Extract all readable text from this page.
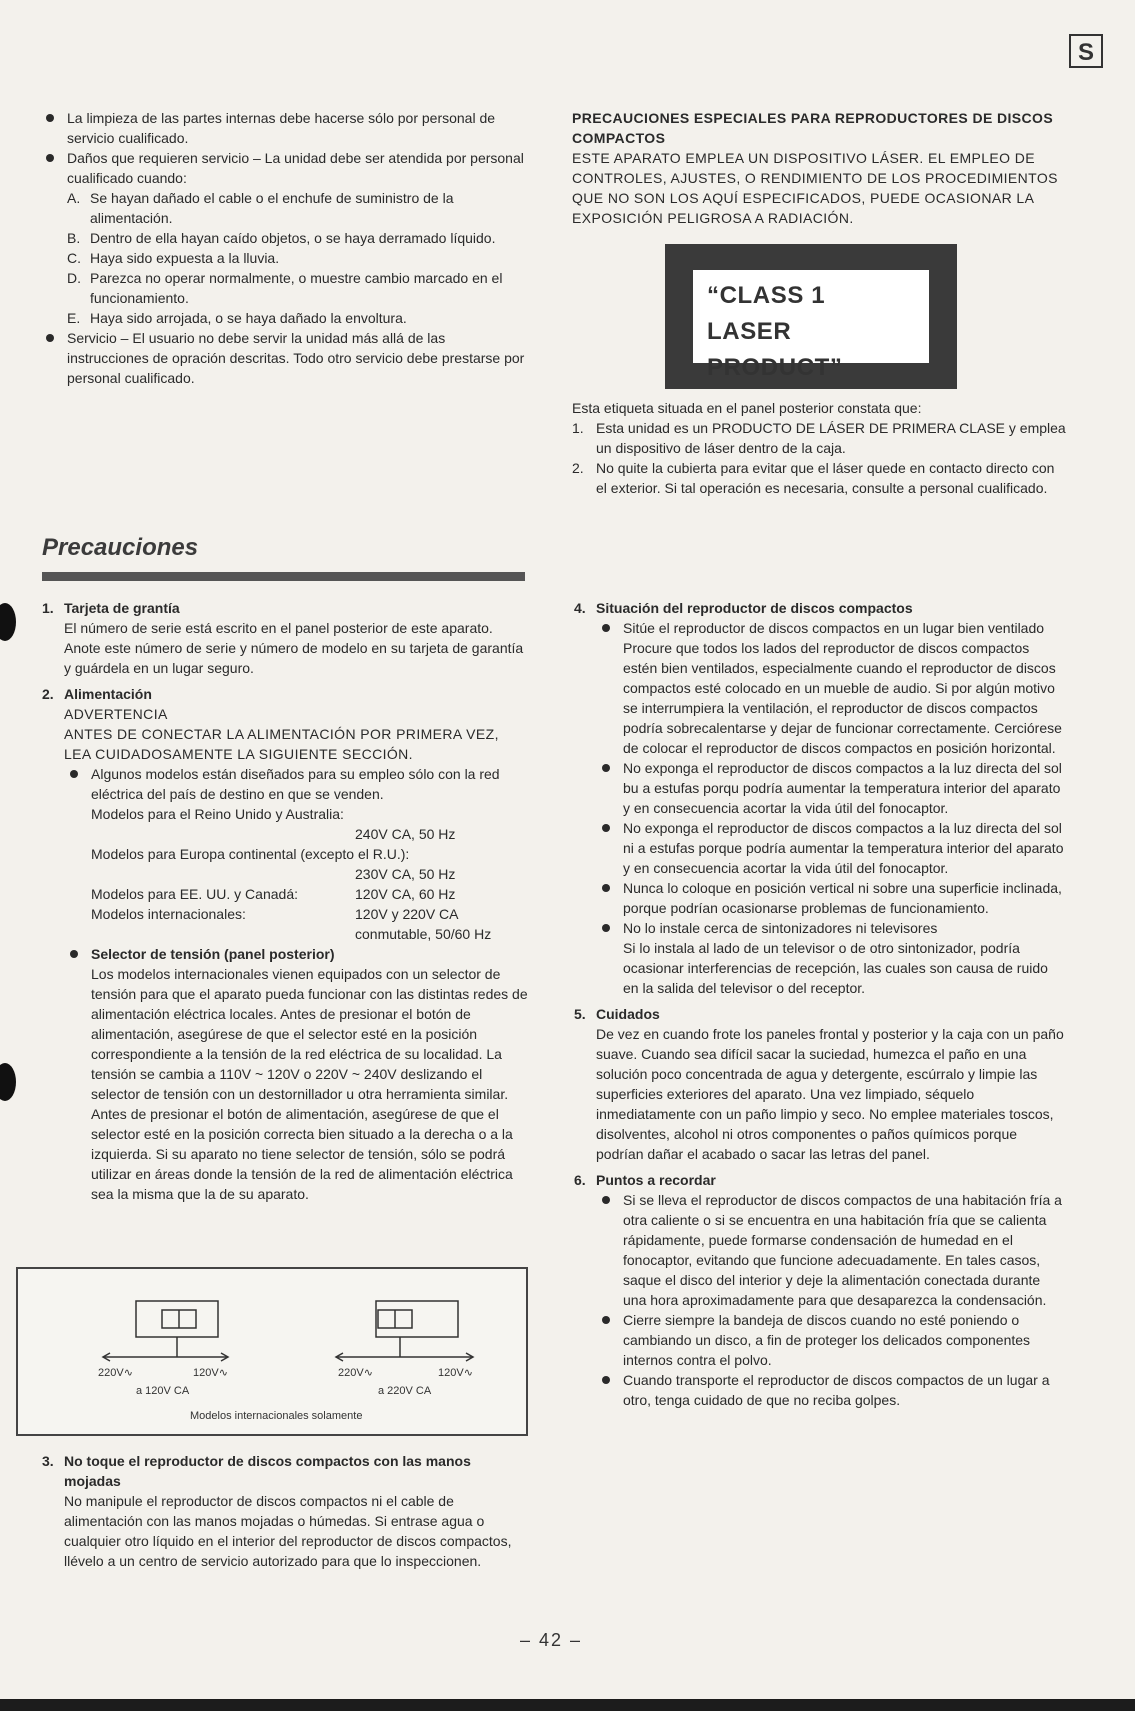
S
La limpieza de las partes internas debe hacerse sólo por personal de servicio cualificado.
Daños que requieren servicio – La unidad debe ser atendida por personal cualificado cuando:
A. Se hayan dañado el cable o el enchufe de suministro de la alimentación.
B. Dentro de ella hayan caído objetos, o se haya derramado líquido.
C. Haya sido expuesta a la lluvia.
D. Parezca no operar normalmente, o muestre cambio marcado en el funcionamiento.
E. Haya sido arrojada, o se haya dañado la envoltura.
Servicio – El usuario no debe servir la unidad más allá de las instrucciones de opración descritas. Todo otro servicio debe prestarse por personal cualificado.
PRECAUCIONES ESPECIALES PARA REPRODUCTORES DE DISCOS COMPACTOS
ESTE APARATO EMPLEA UN DISPOSITIVO LÁSER. EL EMPLEO DE CONTROLES, AJUSTES, O RENDIMIENTO DE LOS PROCEDIMIENTOS QUE NO SON LOS AQUÍ ESPECIFICADOS, PUEDE OCASIONAR LA EXPOSICIÓN PELIGROSA A RADIACIÓN.
“CLASS 1 LASER
PRODUCT”
Esta etiqueta situada en el panel posterior constata que:
1. Esta unidad es un PRODUCTO DE LÁSER DE PRIMERA CLASE y emplea un dispositivo de láser dentro de la caja.
2. No quite la cubierta para evitar que el láser quede en contacto directo con el exterior. Si tal operación es necesaria, consulte a personal cualificado.
Precauciones
1. Tarjeta de grantía
El número de serie está escrito en el panel posterior de este aparato. Anote este número de serie y número de modelo en su tarjeta de garantía y guárdela en un lugar seguro.
2. Alimentación
ADVERTENCIA
ANTES DE CONECTAR LA ALIMENTACIÓN POR PRIMERA VEZ, LEA CUIDADOSAMENTE LA SIGUIENTE SECCIÓN.
Algunos modelos están diseñados para su empleo sólo con la red eléctrica del país de destino en que se venden.
Modelos para el Reino Unido y Australia:
240V CA, 50 Hz
Modelos para Europa continental (excepto el R.U.):
230V CA, 50 Hz
Modelos para EE. UU. y Canadá:	120V CA, 60 Hz
Modelos internacionales:	120V y 220V CA conmutable, 50/60 Hz
Selector de tensión (panel posterior)
Los modelos internacionales vienen equipados con un selector de tensión para que el aparato pueda funcionar con las distintas redes de alimentación eléctrica locales. Antes de presionar el botón de alimentación, asegúrese de que el selector esté en la posición correspondiente a la tensión de la red eléctrica de su localidad. La tensión se cambia a 110V ~ 120V o 220V ~ 240V deslizando el selector de tensión con un destornillador u otra herramienta similar. Antes de presionar el botón de alimentación, asegúrese de que el selector esté en la posición correcta bien situado a la derecha o a la izquierda. Si su aparato no tiene selector de tensión, sólo se podrá utilizar en áreas donde la tensión de la red de alimentación eléctrica sea la misma que la de su aparato.
220V∿	120V∿
a 120V CA
220V∿	120V∿
a 220V CA
Modelos internacionales solamente
3. No toque el reproductor de discos compactos con las manos mojadas
No manipule el reproductor de discos compactos ni el cable de alimentación con las manos mojadas o húmedas. Si entrase agua o cualquier otro líquido en el interior del reproductor de discos compactos, llévelo a un centro de servicio autorizado para que lo inspeccionen.
4. Situación del reproductor de discos compactos
Sitúe el reproductor de discos compactos en un lugar bien ventilado
Procure que todos los lados del reproductor de discos compactos estén bien ventilados, especialmente cuando el reproductor de discos compactos esté colocado en un mueble de audio. Si por algún motivo se interrumpiera la ventilación, el reproductor de discos compactos podría sobrecalentarse y dejar de funcionar correctamente. Cerciórese de colocar el reproductor de discos compactos en posición horizontal.
No exponga el reproductor de discos compactos a la luz directa del sol bu a estufas porqu podría aumentar la temperatura interior del aparato y en consecuencia acortar la vida útil del fonocaptor.
No exponga el reproductor de discos compactos a la luz directa del sol ni a estufas porque podría aumentar la temperatura interior del aparato y en consecuencia acortar la vida útil del fonocaptor.
Nunca lo coloque en posición vertical ni sobre una superficie inclinada, porque podrían ocasionarse problemas de funcionamiento.
No lo instale cerca de sintonizadores ni televisores
Si lo instala al lado de un televisor o de otro sintonizador, podría ocasionar interferencias de recepción, las cuales son causa de ruido en la salida del televisor o del receptor.
5. Cuidados
De vez en cuando frote los paneles frontal y posterior y la caja con un paño suave. Cuando sea difícil sacar la suciedad, humezca el paño en una solución poco concentrada de agua y detergente, escúrralo y limpie las superficies exteriores del aparato. Una vez limpiado, séquelo inmediatamente con un paño limpio y seco. No emplee materiales toscos, disolventes, alcohol ni otros componentes o paños químicos porque podrían dañar el acabado o sacar las letras del panel.
6. Puntos a recordar
Si se lleva el reproductor de discos compactos de una habitación fría a otra caliente o si se encuentra en una habitación fría que se calienta rápidamente, puede formarse condensación de humedad en el fonocaptor, evitando que funcione adecuadamente. En tales casos, saque el disco del interior y deje la alimentación conectada durante una hora aproximadamente para que desaparezca la condensación.
Cierre siempre la bandeja de discos cuando no esté poniendo o cambiando un disco, a fin de proteger los delicados componentes internos contra el polvo.
Cuando transporte el reproductor de discos compactos de un lugar a otro, tenga cuidado de que no reciba golpes.
– 42 –
